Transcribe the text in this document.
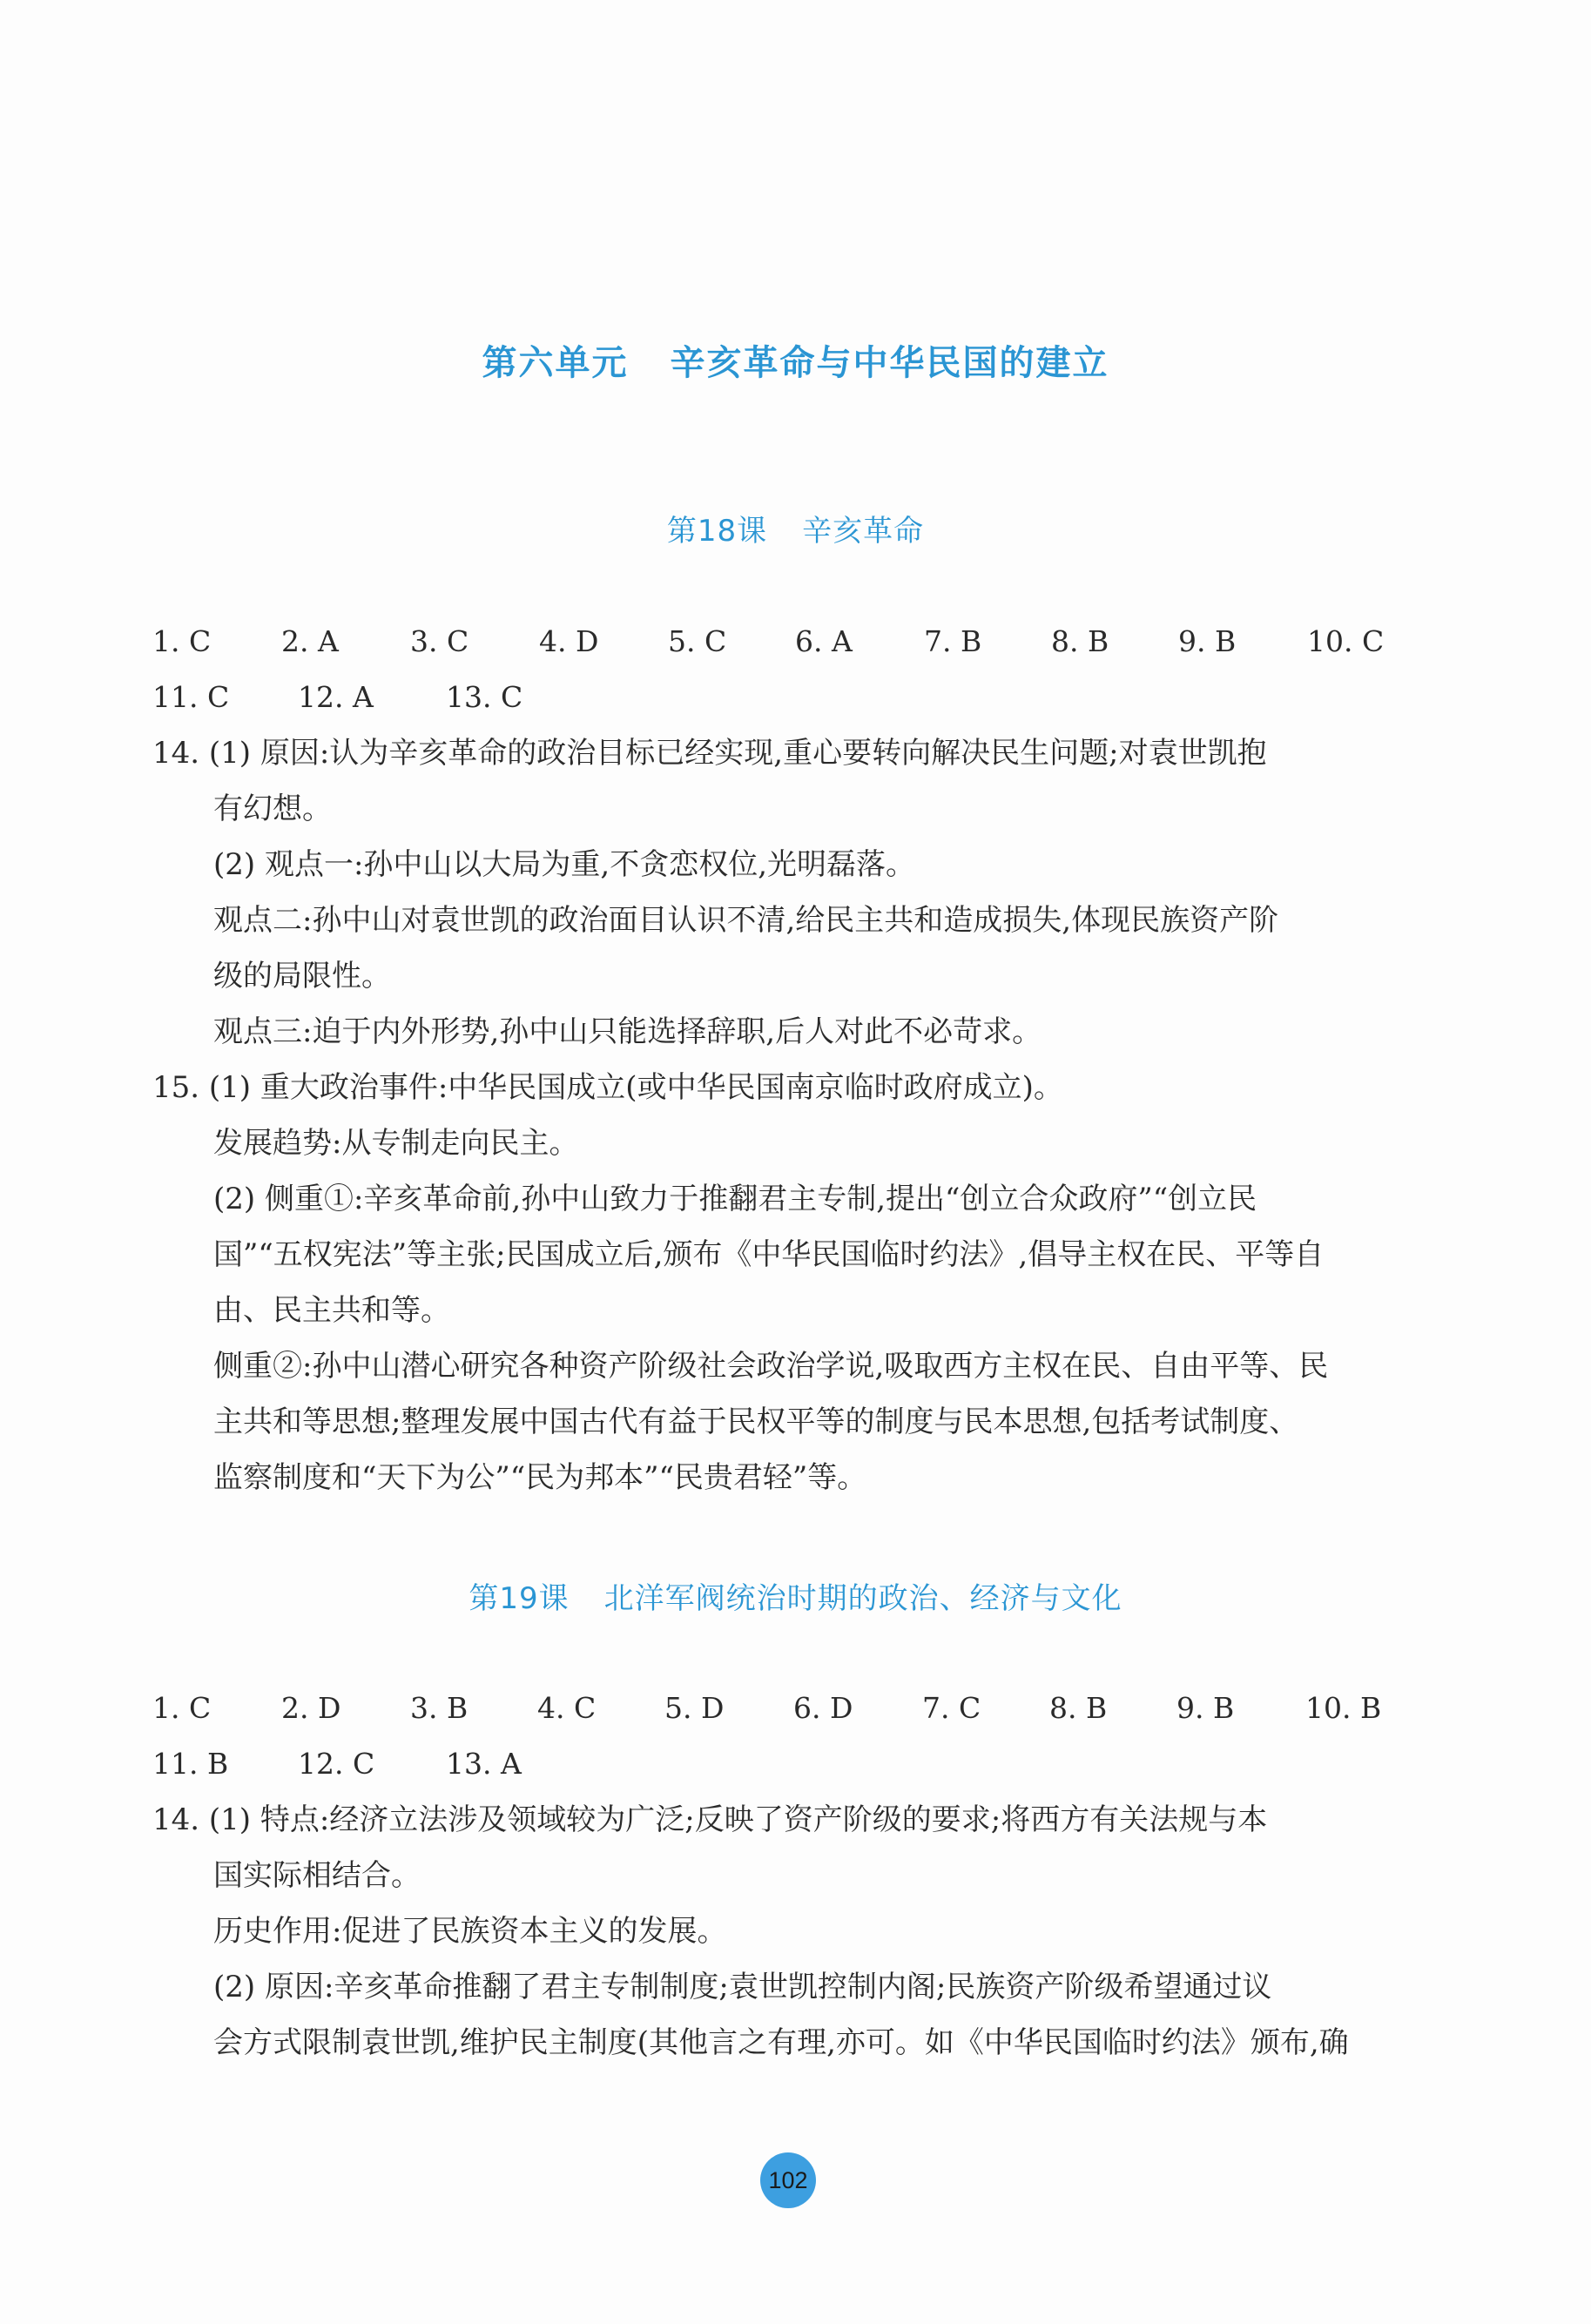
第六单元 辛亥革命与中华民国的建立
第18课 辛亥革命
1. C 2. A 3. C 4. D 5. C 6. A 7. B 8. B 9. B 10. C
11. C 12. A	13. C
14. (1) 原因:认为辛亥革命的政治目标已经实现,重心要转向解决民生问题;对袁世凯抱
有幻想。
(2) 观点一:孙中山以大局为重,不贪恋权位,光明磊落。
观点二:孙中山对袁世凯的政治面目认识不清,给民主共和造成损失,体现民族资产阶
级的局限性。
观点三:迫于内外形势,孙中山只能选择辞职,后人对此不必苛求。
15. (1) 重大政治事件:中华民国成立(或中华民国南京临时政府成立)。
发展趋势:从专制走向民主。
(2) 侧重①:辛亥革命前,孙中山致力于推翻君主专制,提出“创立合众政府”“创立民
国”“五权宪法”等主张;民国成立后,颁布《中华民国临时约法》,倡导主权在民、平等自
由、民主共和等。
侧重②:孙中山潜心研究各种资产阶级社会政治学说,吸取西方主权在民、自由平等、民
主共和等思想;整理发展中国古代有益于民权平等的制度与民本思想,包括考试制度、
监察制度和“天下为公”“民为邦本”“民贵君轻”等。
第19课 北洋军阀统治时期的政治、经济与文化
1. C 2. D 3. B 4. C 5. D 6. D 7. C 8. B 9. B 10. B
11. B 12. C 13. A
14. (1) 特点:经济立法涉及领域较为广泛;反映了资产阶级的要求;将西方有关法规与本
国实际相结合。
历史作用:促进了民族资本主义的发展。
(2) 原因:辛亥革命推翻了君主专制制度;袁世凯控制内阁;民族资产阶级希望通过议
会方式限制袁世凯,维护民主制度(其他言之有理,亦可。如《中华民国临时约法》颁布,确
102
